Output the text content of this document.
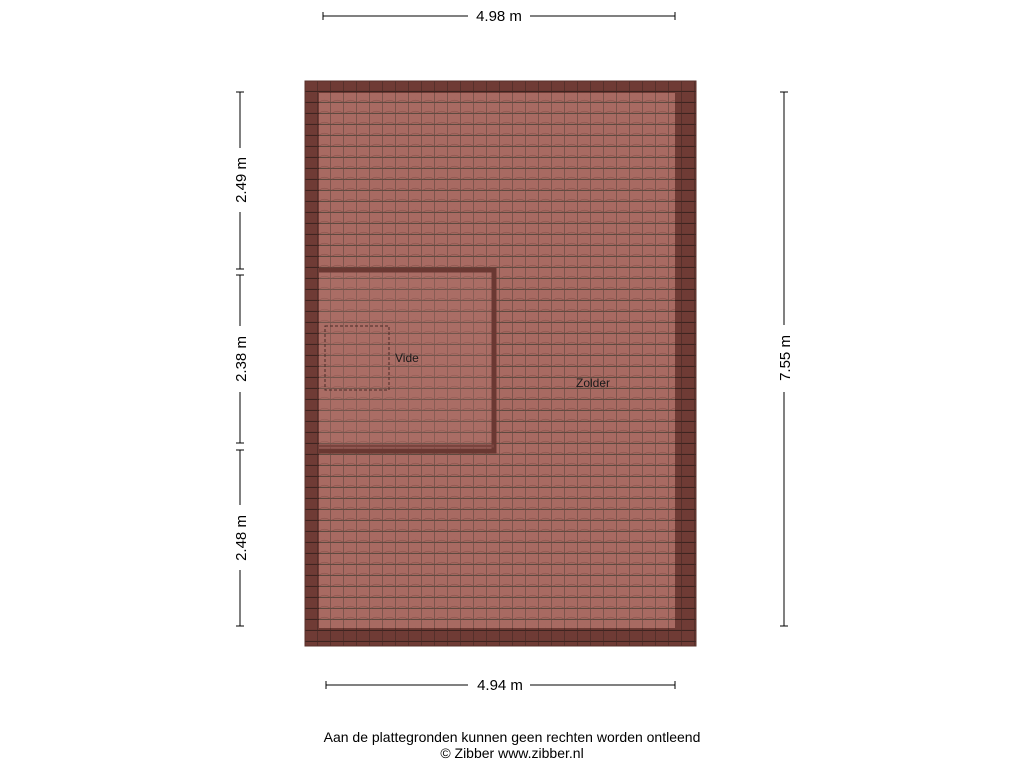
Vide
Zolder
4.98 m
4.94 m
7.55 m
2.49 m
2.38 m
2.48 m
Aan de plattegronden kunnen geen rechten worden ontleend
© Zibber www.zibber.nl
